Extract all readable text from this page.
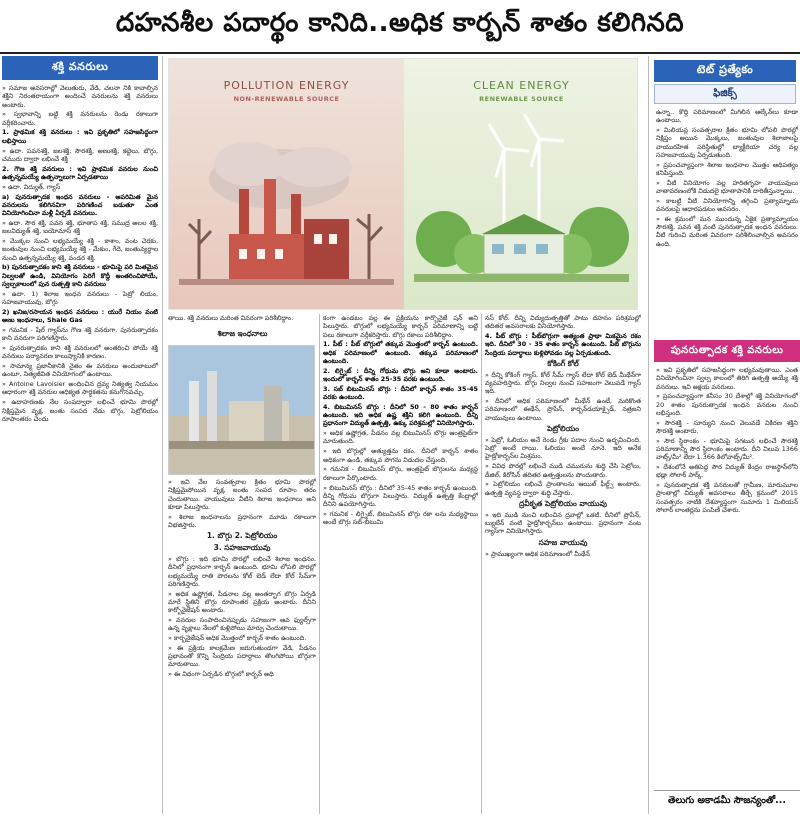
దహనశీల పదార్థం కానిది..అధిక కార్బన్ శాతం కలిగినది
శక్తి వనరులు

» సమాజ అవసరాల్లో వెలుతురు, వేడి, చలనా నికి కావాల్సిన శక్తిని నిరంతరాయంగా అందించే వనరులను శక్తి వనరులు అంటారు.

» స్వభావాన్ని బట్టి శక్తి వనరులను రెండు రకాలుగా వర్గీకరించారు.

1. ప్రాథమిక శక్తి వనరులు : ఇవి ప్రకృతిలో సహజసిద్ధంగా లభిస్తాయి

» ఉదా. పవనశక్తి, జలశక్తి, సౌరశక్తి, అణుశక్తి, కట్టెలు, బొగ్గు, చమురు ద్వారా లభించే శక్తి

2. గౌణ శక్తి వనరులు : ఇవి ప్రాథమిక వనరుల నుంచి ఉత్పన్నమయ్యే ఉత్పన్నాలుగా ఏర్పడతాయి

» ఉదా. విద్యుత్, గ్యాస్

a) పునరుత్పాదక ఇంధన వనరులు - అపరిమిత మైన వనరులను కలిగినవిగా పరిగణించ బడుతూ ఎంత వినియోగించినా మళ్లీ ఏర్పడే వనరులు.

» ఉదా. సౌర శక్తి, పవన శక్తి, భూతాప శక్తి, సముద్ర అలల శక్తి, జలవిద్యుత్ శక్తి, బయోమాస్ శక్తి

» మొక్కల నుంచి లభ్యమయ్యే శక్తి - కాశాం, వంట చెరకు, జంతువుల నుంచి లభ్యమయ్యే శక్తి - మేకుం, గేదె, జంతువ్యర్థాల నుంచి ఉత్పన్నమయ్యే శక్తి, వండర శక్తి.

b) పునరుత్పాదకం కాని శక్తి వనరులు - భూమిపై పరి మితమైన నిల్వలతో ఉండి, వినియోగం పెరిగే కొద్దీ అంతరించిపోయే, స్వల్పకాలంలో పున రుత్పత్తి కాని వనరులు

» ఉదా. 1) శిలాజ ఇంధన వనరులు - పెట్రో లియం, సహజవాయువు, బొగ్గు

2) ఖనిజ/రసాయన ఇంధన వనరులు : యురే నియం వంటి అణు ఇంధనాలు, Shale Gas

» గమనిక - షేల్ గ్యాస్‌ను గౌణ శక్తి వనరుగా, పునరుత్పాదకం కాని వనరుగా పరిగణిస్తారు.

» పునరుత్పాదకం కాని శక్తి వనరులలో అంతరించి పోయే శక్తి వనరులు పర్యావరణ కాలుష్యానికి కారణం.

» సామాన్య ప్రజానీకానికి నైతం ఈ వనరులు అందుబాటులో ఉంటూ, నిత్యజీవిత వినియోగంలో ఉంటాయి.

» Antoine Lavoisier అందించిన ద్రవ్య నిత్యత్వ నియమం ఆధారంగా శక్తి వనరుల ఆధిక్యత సార్ధకతను కనుగొనవచ్చు.

» ఉదాహరణకు నేల సంపద్వారా లభించే భూమి పొరల్లో నిక్షిప్తమైన వృక్ష, జంతు సంపద నేడు బొగ్గు, పెట్రోలియం రూపాంతరం చెందు

POLLUTION ENERGY
NON-RENEWABLE SOURCE
CLEAN ENERGY
RENEWABLE SOURCE

తాయి. శక్తి వనరులు మరింత వివరంగా పరిశీలిద్దాం.

శిలాజ ఇంధనాలు

» ఇవి వేల సంవత్సరాల క్రితం భూమి పొరల్లో నిక్షిప్తమైపోయిన వృక్ష, జంతు సంపద రూపాం తరం చెందుతాయి. వాయువులు వీటిని శిలాజ ఇంధనాలు అని కూడా పిలుస్తారు.

» శిలాజ ఇంధనాలను ప్రధానంగా మూడు రకాలుగా విభజిస్తారు.

1. బొగ్గు 2. పెట్రోలియం

3. సహజవాయువు

» బొగ్గు : ఇది భూమి పొరల్లో లభించే శిలాజ ఇంధనం. దీనిలో ప్రధానంగా కార్బన్ ఉంటుంది. భూమి లోపలి పొరల్లో లభ్యమయ్యే రాతి పొరలను కోల్ బెడ్ లేదా కోల్ సీమ్‌గా పరిగణిస్తారు.

» అధిక ఉష్ణోగ్రత, పీడనాల వల్ల అంతర్భాగ బొగ్గు ఏర్పడి మారే స్థితిని బొగ్గు రూపాంతర ప్రక్రియ అంటారు. దీనిని కార్బోనైజేషన్ అంటారు.

» వనరుల సంపాదించినప్పుడు సహజంగా ఆవ ఫ్యుల్స్‌గా ఉన్న వృక్షాలు నేలలో కుళ్లిపోయి మార్పు చెందుతాయి.

» కార్బనైజేషన్ అధిక మొత్తంలో కార్బన్ శాతం ఉంటుంది.

» ఈ ప్రక్రియ కాలక్రమేణ జరుగుతుండగా వేడి, పీడనం ప్రభావంతో కొన్ని సేంద్రియ పదార్థాలు తొలగిపోయి బొగ్గుగా మారుతాయి.

» ఈ విధంగా ఏర్పడిన బొగ్గులో కార్బన్ అధి

కంగా ఉండటం వల్ల ఈ ప్రక్రియను కార్బొనైజే షన్ అని పిలుస్తారు. బొగ్గులో లభ్యమయ్యే కార్బన్ పరిమాణాన్ని బట్టి పలు రకాలుగా వర్గీకరిస్తారు. బొగ్గు రకాలు పరిశీలిద్దాం.

1. పీట్ : పీట్ బొగ్గులో తక్కువ మొత్తంలో కార్బన్ ఉంటుంది. అధిక పరిమాణంలో ఉంటుంది. తక్కువ పరిమాణంలో ఉంటుంది.

2. లిగ్నైట్ : దీన్ని గోధుమ బొగ్గు అని కూడా అంటారు. ఇందులో కార్బన్ శాతం 25-35 వరకు ఉంటుంది.

3. సబ్ బిటుమినస్ బొగ్గు : దీనిలో కార్బన్ శాతం 35-45 వరకు ఉంటుంది.

4. బిటుమినస్ బొగ్గు : దీనిలో 50 - 80 శాతం కార్బన్ ఉంటుంది. ఇది అధిక ఉష్ణ శక్తిని కలిగి ఉంటుంది. దీన్ని ప్రధానంగా విద్యుత్‌ ఉత్పత్తి, ఉక్కు పరిశ్రమల్లో వినియోగిస్తారు.

» అధిక ఉష్ణోగ్రత, పీడనం వల్ల బిటుమినస్ బొగ్గు ఆంత్రసైట్‌గా మారుతుంది.

» ఇది బొగ్గుల్లో అత్యుత్తమ రకం. దీనిలో కార్బన్ శాతం అధికంగా ఉండి, తక్కువ పొగను విడుదల చేస్తుంది.

» గమనిక - బిటుమినస్ బొగ్గు, ఆంత్రసైట్ బొగ్గులను మధ్యస్థ రకాలుగా పేర్కొంటారు.

» బిటుమినస్ బొగ్గు : దీనిలో 35-45 శాతం కార్బన్ ఉంటుంది. దీన్ని గోధుమ బొగ్గుగా పిలుస్తారు. విద్యుత్ ఉత్పత్తి కేంద్రాల్లో దీనిని ఉపయోగిస్తారు.

» గమనిక - లిగ్నైట్, బిటుమినస్ బొగ్గు రకా లను మధ్యస్థాయి అంటే బొగ్గు సబ్-బిటుమి

నస్ కోల్. దీన్ని విద్యుదుత్పత్తితో పాటు దహనం పరిశ్రమల్లో తదితర అవసరాలకు వినియోగిస్తారు.

4. పీట్ బొగ్గు : పీట్‌బొగ్గుగా అత్యంత ప్రాథా మికమైన రకం ఇది. దీనిలో 30 - 35 శాతం కార్బన్ ఉంటుంది. పీట్ బొగ్గును సేంద్రియ పదార్థాలు కుళ్లిపోవడం వల్ల ఏర్పడుతుంది.

కోకింగ్ కోల్

» దీన్ని కోకింగ్ గ్యాస్, కోల్ సీమ్ గ్యాస్ లేదా కోల్ బెడ్ మీథేన్‌గా వ్యవహరిస్తారు. బొగ్గు నిల్వల నుంచి సహజంగా వెలువడే గ్యాస్ ఇది.

» దీనిలో అధిక పరిమాణంలో మీథేన్ ఉంటే, మరికొంత పరిమాణంలో ఈథేన్, ప్రొపేన్, కార్బన్‌డయాక్సైడ్, నత్రజని వాయువులు ఉంటాయి.

పెట్రోలియం

» పెట్రో, ఓలియం అనే రెండు గ్రీకు పదాల నుంచి ఉద్భవించింది. పెట్రో అంటే రాయి, ఓలియం అంటే నూనె. ఇది అనేక హైడ్రోకార్బన్‌ల మిశ్రమం.

» వివిధ పొరల్లో లభించే ముడి చమురును శుద్ధి చేసి పెట్రోలు, డీజిల్, కిరోసిన్ తదితర ఉత్పత్తులను పొందుతారు.

» పెట్రోలియం లభించే ప్రాంతాలను ఆయిల్ ఫీల్డ్స్ అంటారు. ఉత్పత్తి వ్యవస్థ ద్వారా శుద్ధి చేస్తారు.

ద్రవీకృత పెట్రోలియం వాయువు

» ఇది ముడి నుంచి లభించిన ద్రవాల్లో ఒకటి. దీనిలో ప్రొపేన్, బ్యుటేన్ వంటి హైడ్రోకార్బన్‌లు ఉంటాయి. ప్రధానంగా వంట గ్యాస్‌గా వినియోగిస్తారు.

సహజ వాయువు

» ప్రాముఖ్యంగా అధిక పరిమాణంలో మీథేన్

టెట్ ప్రత్యేకం
ఫిజిక్స్

ఉన్నా.. కొద్ది పరిమాణంలో మిగిలిన ఆల్కేన్‌లు కూడా ఉంటాయి.

» మిలియన్ల సంవత్సరాల క్రితం భూమి లోపలి పొరల్లో నిక్షిప్తం అయిన మొక్కలు, జంతువుల శిలాజాలపై వాయురహిత పరిస్థితుల్లో బ్యాక్టీరియా చర్య వల్ల సహజవాయువు ఏర్పడుతుంది.

» ప్రపంచవ్యాప్తంగా శిలాజ ఇంధనాల మొత్తం ఆధిపత్యం కనిపిస్తుంది.

» వీటి వినియోగం వల్ల హరితగృహ వాయువులు వాతావరణంలోకి విడుదలై భూతాపానికి దారితీస్తున్నాయి.

» కాబట్టి వీటి వినియోగాన్ని తగ్గించి ప్రత్యామ్నాయ వనరులపై ఆధారపడటం అవసరం.

» ఈ క్రమంలో మన ముందున్న ఏకైక ప్రత్యామ్నాయం సౌరశక్తి, పవన శక్తి వంటి పునరుత్పాదక ఇంధన వనరులు. వీటి గురించి మరింత వివరంగా పరిశీలించాల్సిన అవసరం ఉంది.

పునరుత్పాదక శక్తి వనరులు

» ఇవి ప్రకృతిలో సహజసిద్ధంగా లభ్యమవుతాయి. ఎంత వినియోగించినా స్వల్ప కాలంలో తిరిగి ఉత్పత్తి అయ్యే శక్తి వనరులు. ఇవి అక్షయ వనరులు.

» ప్రపంచవ్యాప్తంగా కనీసం 30 దేశాల్లో శక్తి వినియోగంలో 20 శాతం పునరుత్పాదక ఇంధన వనరుల నుంచి లభిస్తుంది.

» సౌరశక్తి - సూర్యుని నుంచి వెలువడే వికిరణ శక్తిని సౌరశక్తి అంటారు.

» సౌర స్థిరాంకం - భూమిపై సగటున లభించే సౌరశక్తి పరిమాణాన్ని సౌర స్థిరాంకం అంటారు. దీని విలువ 1366 వాట్స్/మీ² లేదా 1.366 కిలోవాట్స్/మీ².

» దేశంలోనే అతిపెద్ద సౌర విద్యుత్ కేంద్రం రాజస్థాన్‌లోని భడ్లా సోలార్ పార్క్.

» పునరుత్పాదక శక్తి వనరులతో గ్రామీణ, మారుమూల ప్రాంతాల్లో విద్యుత్ అవసరాలు తీర్చే క్రమంలో 2015 సంవత్సరం నాటికి దేశవ్యాప్తంగా సుమారు 1 మిలియన్ సోలార్ లాంతర్లను పంపిణీ చేశారు.

తెలుగు అకాడమీ సౌజన్యంతో...
